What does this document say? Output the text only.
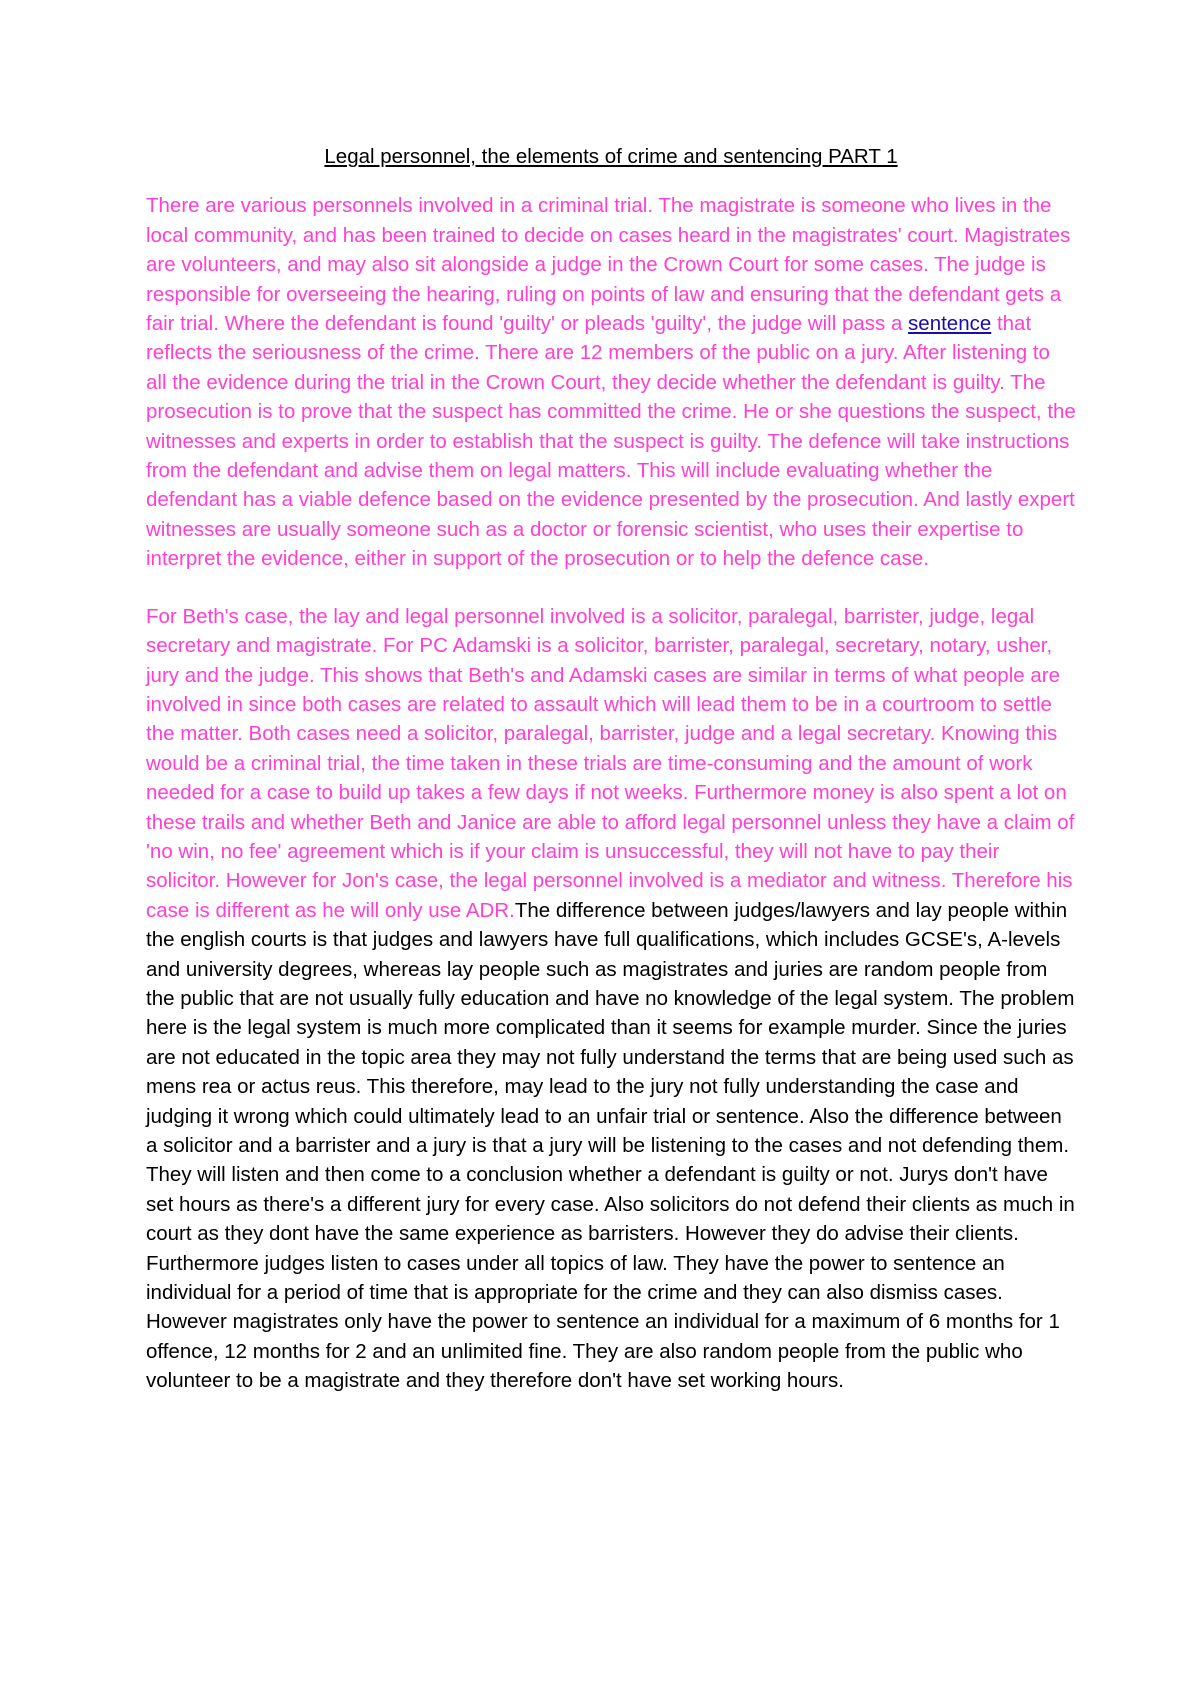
Legal personnel, the elements of crime and sentencing PART 1

There are various personnels involved in a criminal trial. The magistrate is someone who lives in the local community, and has been trained to decide on cases heard in the magistrates' court. Magistrates are volunteers, and may also sit alongside a judge in the Crown Court for some cases. The judge is responsible for overseeing the hearing, ruling on points of law and ensuring that the defendant gets a fair trial. Where the defendant is found 'guilty' or pleads 'guilty', the judge will pass a sentence that reflects the seriousness of the crime. There are 12 members of the public on a jury. After listening to all the evidence during the trial in the Crown Court, they decide whether the defendant is guilty. The prosecution is to prove that the suspect has committed the crime. He or she questions the suspect, the witnesses and experts in order to establish that the suspect is guilty. The defence will take instructions from the defendant and advise them on legal matters. This will include evaluating whether the defendant has a viable defence based on the evidence presented by the prosecution. And lastly expert witnesses are usually someone such as a doctor or forensic scientist, who uses their expertise to interpret the evidence, either in support of the prosecution or to help the defence case.

For Beth's case, the lay and legal personnel involved is a solicitor, paralegal, barrister, judge, legal secretary and magistrate. For PC Adamski is a solicitor, barrister, paralegal, secretary, notary, usher, jury and the judge. This shows that Beth's and Adamski cases are similar in terms of what people are involved in since both cases are related to assault which will lead them to be in a courtroom to settle the matter. Both cases need a solicitor, paralegal, barrister, judge and a legal secretary. Knowing this would be a criminal trial, the time taken in these trials are time-consuming and the amount of work needed for a case to build up takes a few days if not weeks. Furthermore money is also spent a lot on these trails and whether Beth and Janice are able to afford legal personnel unless they have a claim of 'no win, no fee' agreement which is if your claim is unsuccessful, they will not have to pay their solicitor. However for Jon's case, the legal personnel involved is a mediator and witness. Therefore his case is different as he will only use ADR.The difference between judges/lawyers and lay people within the english courts is that judges and lawyers have full qualifications, which includes GCSE's, A-levels and university degrees, whereas lay people such as magistrates and juries are random people from the public that are not usually fully education and have no knowledge of the legal system. The problem here is the legal system is much more complicated than it seems for example murder. Since the juries are not educated in the topic area they may not fully understand the terms that are being used such as mens rea or actus reus. This therefore, may lead to the jury not fully understanding the case and judging it wrong which could ultimately lead to an unfair trial or sentence. Also the difference between a solicitor and a barrister and a jury is that a jury will be listening to the cases and not defending them. They will listen and then come to a conclusion whether a defendant is guilty or not. Jurys don't have set hours as there's a different jury for every case. Also solicitors do not defend their clients as much in court as they dont have the same experience as barristers. However they do advise their clients. Furthermore judges listen to cases under all topics of law. They have the power to sentence an individual for a period of time that is appropriate for the crime and they can also dismiss cases. However magistrates only have the power to sentence an individual for a maximum of 6 months for 1 offence, 12 months for 2 and an unlimited fine. They are also random people from the public who volunteer to be a magistrate and they therefore don't have set working hours.
